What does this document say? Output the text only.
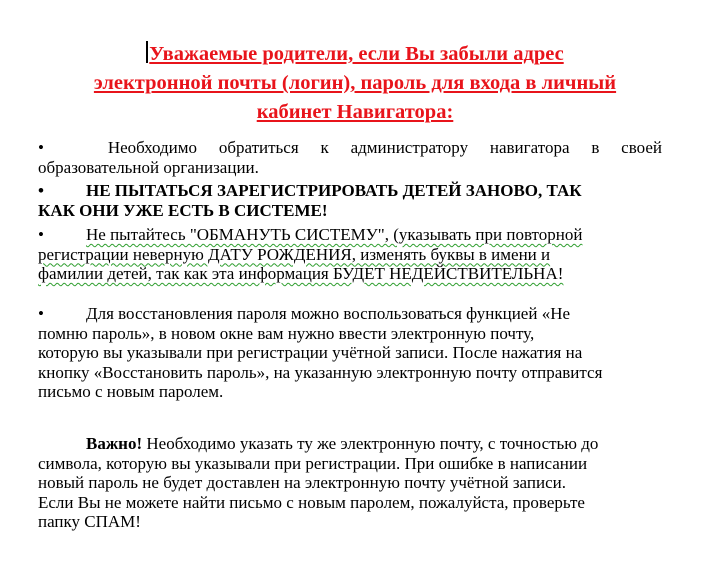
Уважаемые родители, если Вы забыли адрес
электронной почты (логин), пароль для входа в личный
кабинет Навигатора:
•	Необходимо обратиться к администратору навигатора в своей
образовательной организации.
• НЕ ПЫТАТЬСЯ ЗАРЕГИСТРИРОВАТЬ ДЕТЕЙ ЗАНОВО, ТАК
КАК ОНИ УЖЕ ЕСТЬ В СИСТЕМЕ!
• Не пытайтесь "ОБМАНУТЬ СИСТЕМУ", (указывать при повторной
регистрации неверную ДАТУ РОЖДЕНИЯ, изменять буквы в имени и
фамилии детей, так как эта информация БУДЕТ НЕДЕЙСТВИТЕЛЬНА!
• Для восстановления пароля можно воспользоваться функцией «Не
помню пароль», в новом окне вам нужно ввести электронную почту,
которую вы указывали при регистрации учётной записи. После нажатия на
кнопку «Восстановить пароль», на указанную электронную почту отправится
письмо с новым паролем.
Важно! Необходимо указать ту же электронную почту, с точностью до
символа, которую вы указывали при регистрации. При ошибке в написании
новый пароль не будет доставлен на электронную почту учётной записи.
Если Вы не можете найти письмо с новым паролем, пожалуйста, проверьте
папку СПАМ!
